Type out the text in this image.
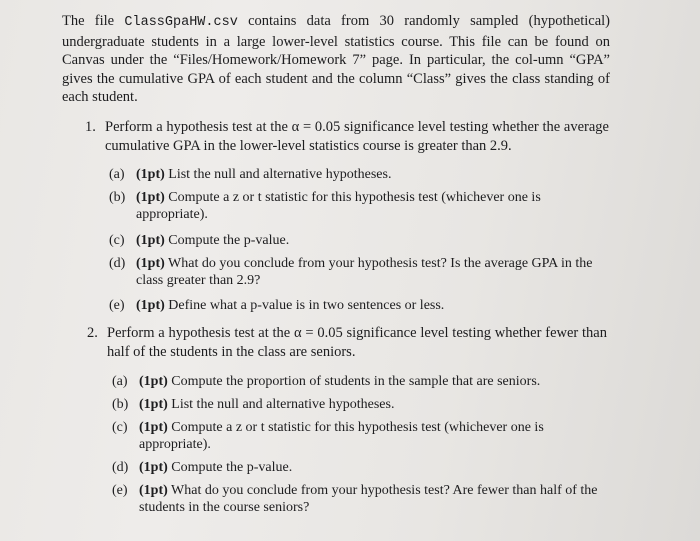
The file ClassGpaHW.csv contains data from 30 randomly sampled (hypothetical) undergraduate students in a large lower-level statistics course. This file can be found on Canvas under the “Files/Homework/Homework 7” page. In particular, the col-umn “GPA” gives the cumulative GPA of each student and the column “Class” gives the class standing of each student.
1. Perform a hypothesis test at the α = 0.05 significance level testing whether the average cumulative GPA in the lower-level statistics course is greater than 2.9.
(a) (1pt) List the null and alternative hypotheses.
(b) (1pt) Compute a z or t statistic for this hypothesis test (whichever one is appropriate).
(c) (1pt) Compute the p-value.
(d) (1pt) What do you conclude from your hypothesis test? Is the average GPA in the class greater than 2.9?
(e) (1pt) Define what a p-value is in two sentences or less.
2. Perform a hypothesis test at the α = 0.05 significance level testing whether fewer than half of the students in the class are seniors.
(a) (1pt) Compute the proportion of students in the sample that are seniors.
(b) (1pt) List the null and alternative hypotheses.
(c) (1pt) Compute a z or t statistic for this hypothesis test (whichever one is appropriate).
(d) (1pt) Compute the p-value.
(e) (1pt) What do you conclude from your hypothesis test? Are fewer than half of the students in the course seniors?
